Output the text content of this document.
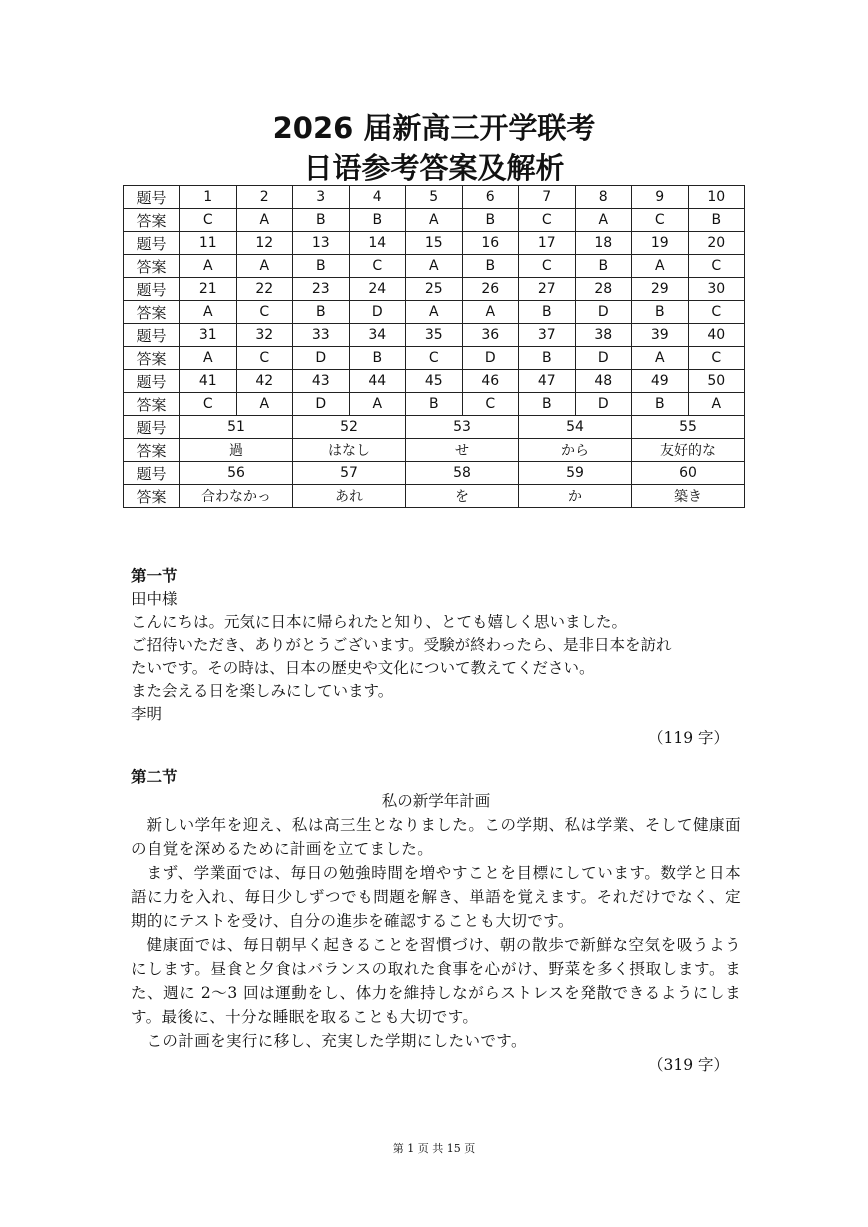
2026 届新高三开学联考
日语参考答案及解析
题号	1	2	3	4	5	6	7	8	9	10
答案	C	A	B	B	A	B	C	A	C	B
题号	11	12	13	14	15	16	17	18	19	20
答案	A	A	B	C	A	B	C	B	A	C
题号	21	22	23	24	25	26	27	28	29	30
答案	A	C	B	D	A	A	B	D	B	C
题号	31	32	33	34	35	36	37	38	39	40
答案	A	C	D	B	C	D	B	D	A	C
题号	41	42	43	44	45	46	47	48	49	50
答案	C	A	D	A	B	C	B	D	B	A
题号	51		52		53		54		55	
答案	過		はなし		せ		から		友好的な	
题号	56		57		58		59		60	
答案	合わなかっ		あれ		を		か		築き	
第一节
田中様
こんにちは。元気に日本に帰られたと知り、とても嬉しく思いました。
ご招待いただき、ありがとうございます。受験が終わったら、是非日本を訪れ
たいです。その時は、日本の歴史や文化について教えてください。
また会える日を楽しみにしています。
李明
（119 字）
第二节
私の新学年計画
新しい学年を迎え、私は高三生となりました。この学期、私は学業、そして健康面の自覚を深めるために計画を立てました。
まず、学業面では、毎日の勉強時間を増やすことを目標にしています。数学と日本語に力を入れ、毎日少しずつでも問題を解き、単語を覚えます。それだけでなく、定期的にテストを受け、自分の進歩を確認することも大切です。
健康面では、毎日朝早く起きることを習慣づけ、朝の散歩で新鮮な空気を吸うようにします。昼食と夕食はバランスの取れた食事を心がけ、野菜を多く摂取します。また、週に 2～3 回は運動をし、体力を維持しながらストレスを発散できるようにします。最後に、十分な睡眠を取ることも大切です。
この計画を実行に移し、充実した学期にしたいです。
（319 字）
第 1 页 共 15 页
